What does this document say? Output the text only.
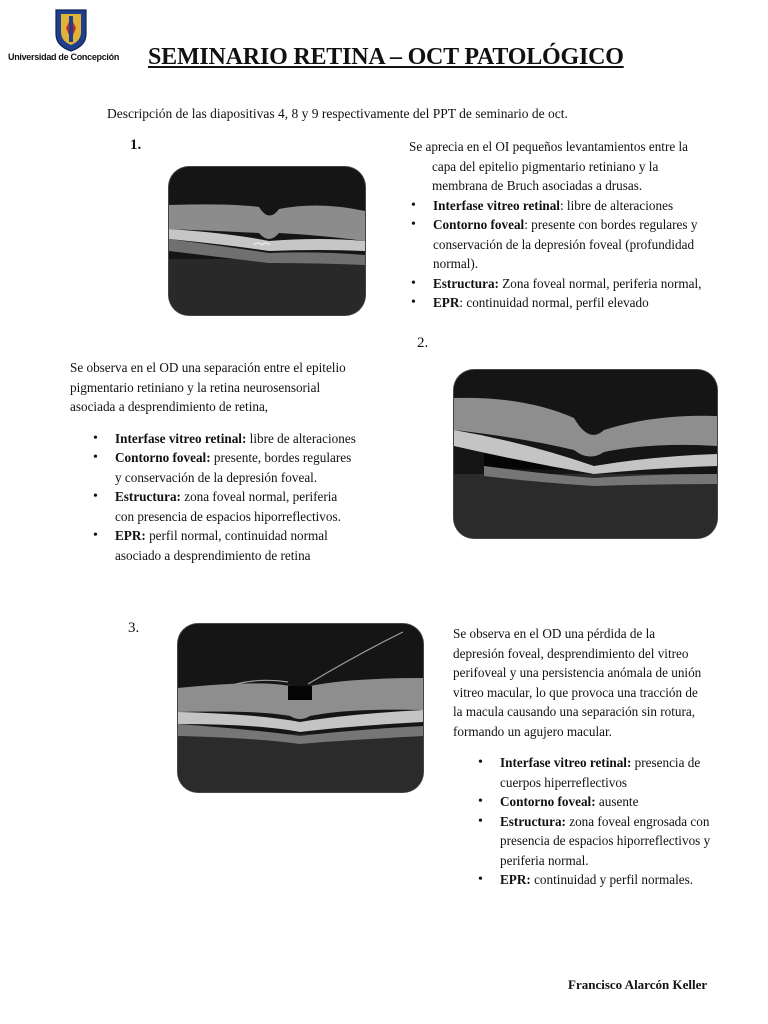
Universidad de Concepción	SEMINARIO RETINA – OCT PATOLÓGICO
Descripción de las diapositivas 4, 8 y 9 respectivamente del PPT de seminario de oct.
1.	Se aprecia en el OI pequeños levantamientos entre la
capa del epitelio pigmentario retiniano y la
membrana de Bruch asociadas a drusas.
• Interfase vitreo retinal: libre de alteraciones
• Contorno foveal: presente con bordes regulares y
conservación de la depresión foveal (profundidad
normal).
• Estructura: Zona foveal normal, periferia normal,
• EPR: continuidad normal, perfil elevado
2.
Se observa en el OD una separación entre el epitelio
pigmentario retiniano y la retina neurosensorial
asociada a desprendimiento de retina,
• Interfase vitreo retinal: libre de alteraciones
• Contorno foveal: presente, bordes regulares
y conservación de la depresión foveal.
• Estructura: zona foveal normal, periferia
con presencia de espacios hiporreflectivos.
• EPR: perfil normal, continuidad normal
asociado a desprendimiento de retina
3.	Se observa en el OD una pérdida de la
depresión foveal, desprendimiento del vitreo
perifoveal y una persistencia anómala de unión
vitreo macular, lo que provoca una tracción de
la macula causando una separación sin rotura,
formando un agujero macular.
• Interfase vitreo retinal: presencia de
cuerpos hiperreflectivos
• Contorno foveal: ausente
• Estructura: zona foveal engrosada con
presencia de espacios hiporreflectivos y
periferia normal.
• EPR: continuidad y perfil normales.
Francisco Alarcón Keller
